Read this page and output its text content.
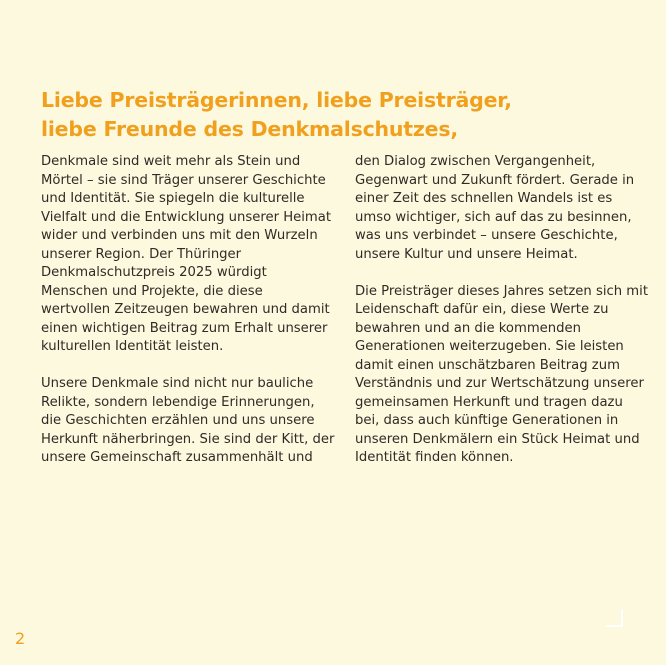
Liebe Preisträgerinnen, liebe Preisträger,
liebe Freunde des Denkmalschutzes,

Denkmale sind weit mehr als Stein und
Mörtel – sie sind Träger unserer Geschichte
und Identität. Sie spiegeln die kulturelle
Vielfalt und die Entwicklung unserer Heimat
wider und verbinden uns mit den Wurzeln
unserer Region. Der Thüringer
Denkmalschutzpreis 2025 würdigt
Menschen und Projekte, die diese
wertvollen Zeitzeugen bewahren und damit
einen wichtigen Beitrag zum Erhalt unserer
kulturellen Identität leisten.

Unsere Denkmale sind nicht nur bauliche
Relikte, sondern lebendige Erinnerungen,
die Geschichten erzählen und uns unsere
Herkunft näherbringen. Sie sind der Kitt, der
unsere Gemeinschaft zusammenhält und

den Dialog zwischen Vergangenheit,
Gegenwart und Zukunft fördert. Gerade in
einer Zeit des schnellen Wandels ist es
umso wichtiger, sich auf das zu besinnen,
was uns verbindet – unsere Geschichte,
unsere Kultur und unsere Heimat.

Die Preisträger dieses Jahres setzen sich mit
Leidenschaft dafür ein, diese Werte zu
bewahren und an die kommenden
Generationen weiterzugeben. Sie leisten
damit einen unschätzbaren Beitrag zum
Verständnis und zur Wertschätzung unserer
gemeinsamen Herkunft und tragen dazu
bei, dass auch künftige Generationen in
unseren Denkmälern ein Stück Heimat und
Identität finden können.

2
